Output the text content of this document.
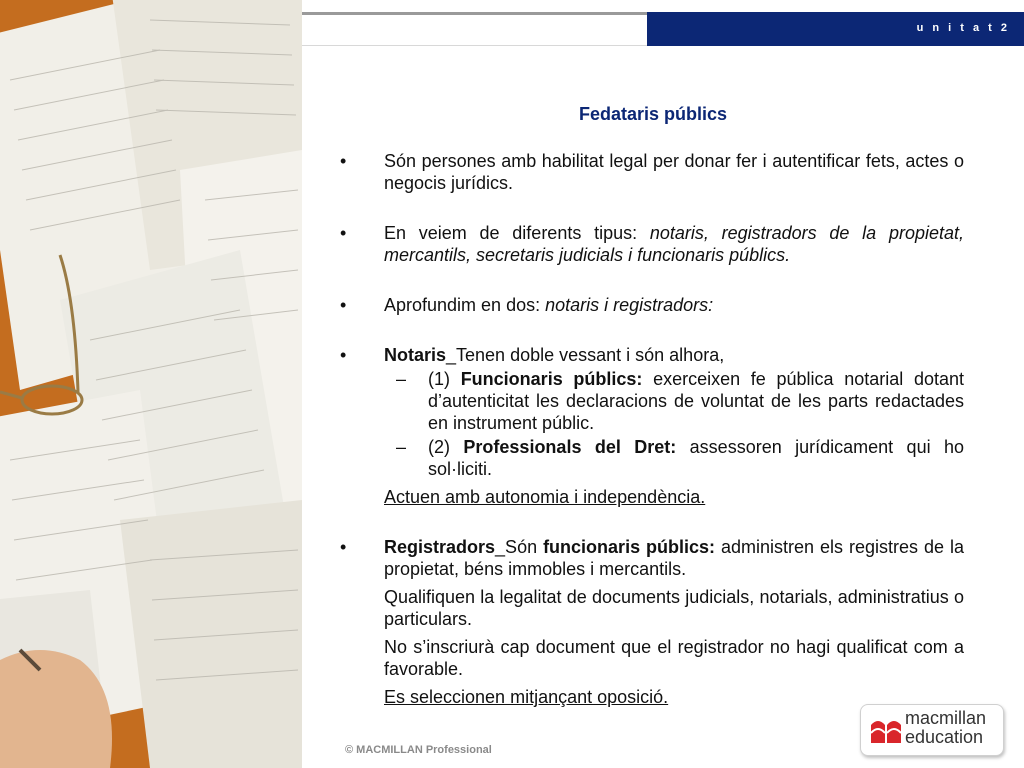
u n i t a t 2
Fedataris públics
• Són persones amb habilitat legal per donar fer i autentificar fets, actes o negocis jurídics.
• En veiem de diferents tipus: notaris, registradors de la propietat, mercantils, secretaris judicials i funcionaris públics.
• Aprofundim en dos: notaris i registradors:
• Notaris_Tenen doble vessant i són alhora,
– (1) Funcionaris públics: exerceixen fe pública notarial dotant d’autenticitat les declaracions de voluntat de les parts redactades en instrument públic.
– (2) Professionals del Dret: assessoren jurídicament qui ho sol·liciti.
Actuen amb autonomia i independència.
• Registradors_Són funcionaris públics: administren els registres de la propietat, béns immobles i mercantils.
Qualifiquen la legalitat de documents judicials, notarials, administratius o particulars.
No s’inscriurà cap document que el registrador no hagi qualificat com a favorable.
Es seleccionen mitjançant oposició.
© MACMILLAN Professional
macmillan
education
